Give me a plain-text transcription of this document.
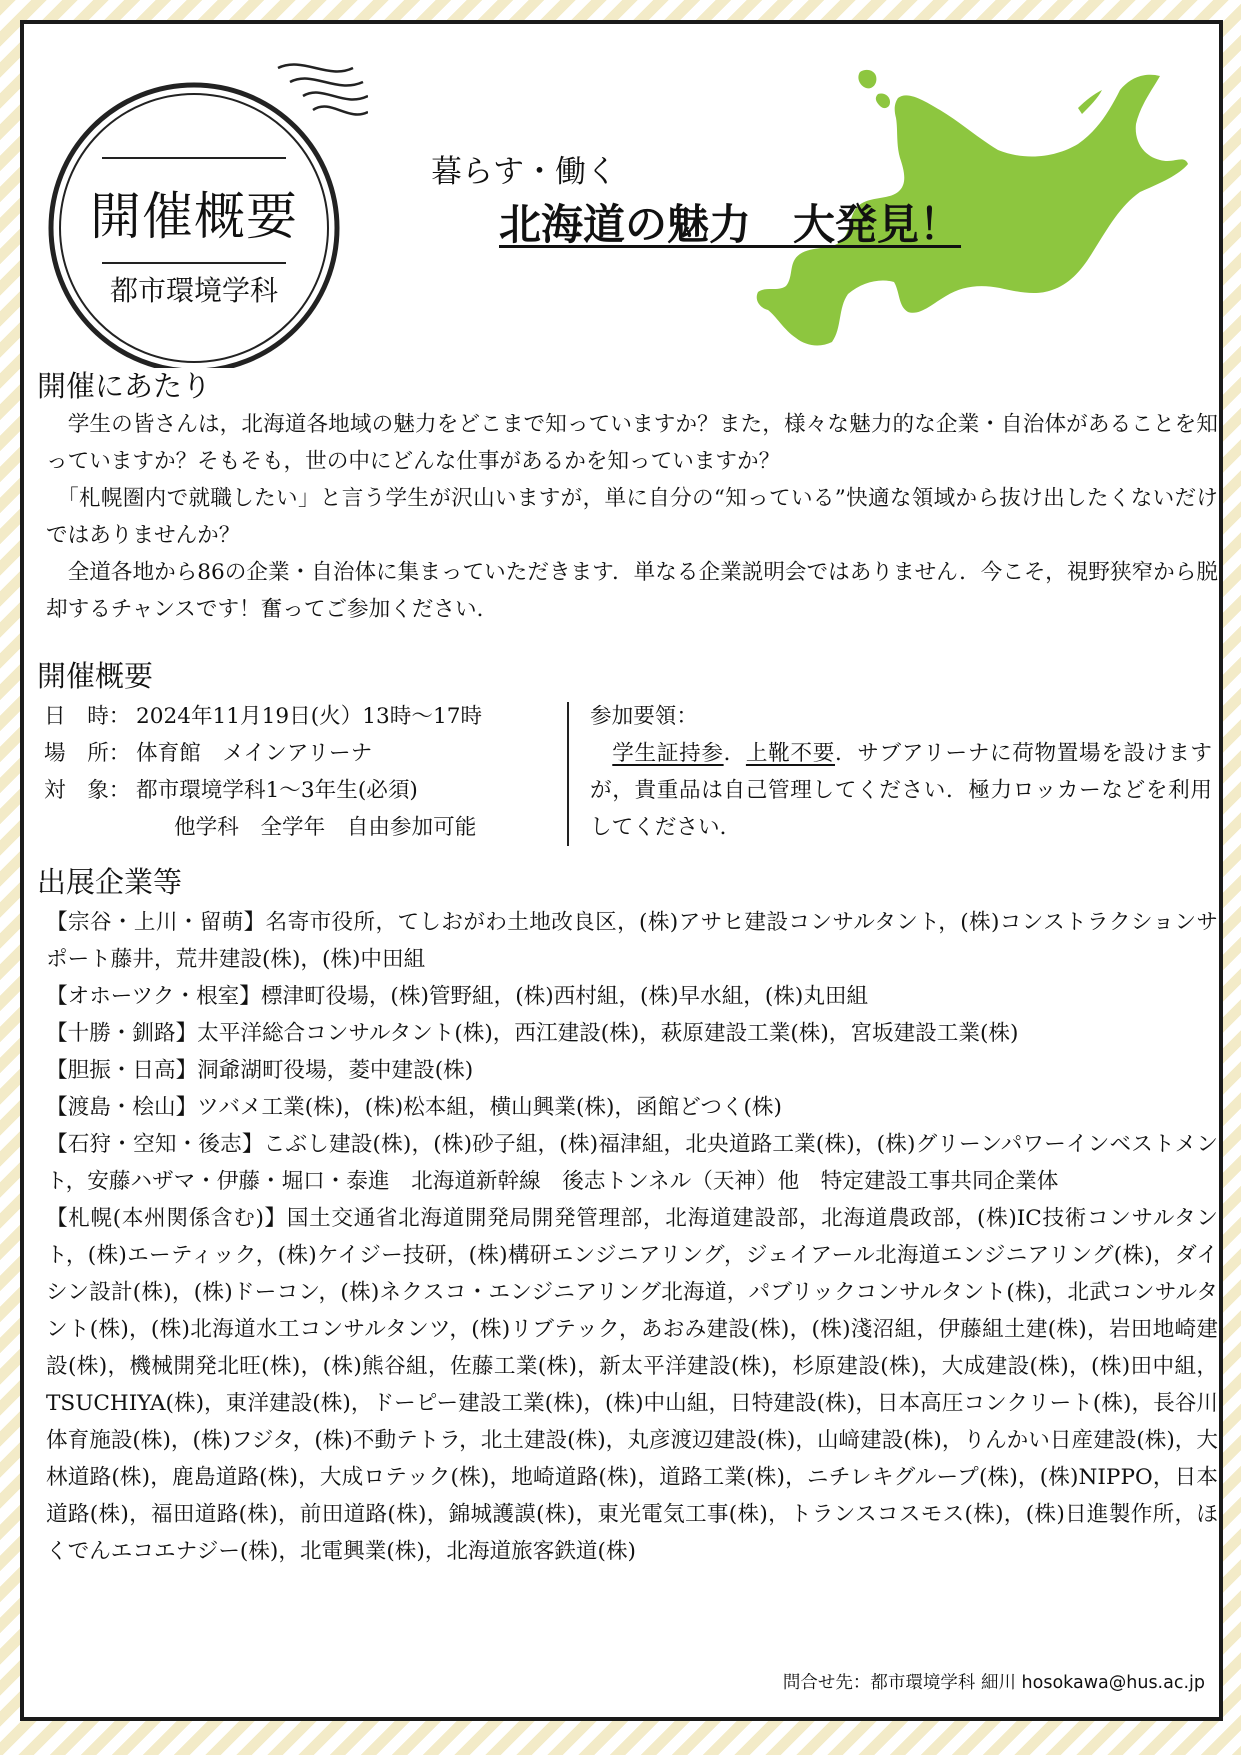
開催概要
都市環境学科
暮らす・働く
北海道の魅力　大発見！
開催にあたり

　学生の皆さんは，北海道各地域の魅力をどこまで知っていますか？また，様々な魅力的な企業・自治体があることを知っていますか？そもそも，世の中にどんな仕事があるかを知っていますか？

　「札幌圏内で就職したい」と言う学生が沢山いますが，単に自分の“知っている”快適な領域から抜け出したくないだけではありませんか？

　全道各地から86の企業・自治体に集まっていただきます．単なる企業説明会ではありません．今こそ，視野狭窄から脱却するチャンスです！奮ってご参加ください．

開催概要
日　時： 2024年11月19日(火）13時～17時
場　所： 体育館　メインアリーナ
対　象： 都市環境学科1～3年生(必須)
他学科　全学年　自由参加可能

参加要領：

　学生証持参．上靴不要．サブアリーナに荷物置場を設けますが，貴重品は自己管理してください．極力ロッカーなどを利用してください．

出展企業等

【宗谷・上川・留萌】名寄市役所，てしおがわ土地改良区，(株)アサヒ建設コンサルタント，(株)コンストラクションサポート藤井，荒井建設(株)，(株)中田組

【オホーツク・根室】標津町役場，(株)管野組，(株)西村組，(株)早水組，(株)丸田組

【十勝・釧路】太平洋総合コンサルタント(株)，西江建設(株)，萩原建設工業(株)，宮坂建設工業(株)

【胆振・日高】洞爺湖町役場，菱中建設(株)

【渡島・桧山】ツバメ工業(株)，(株)松本組，横山興業(株)，函館どつく(株)

【石狩・空知・後志】こぶし建設(株)，(株)砂子組，(株)福津組，北央道路工業(株)，(株)グリーンパワーインベストメント，安藤ハザマ・伊藤・堀口・泰進　北海道新幹線　後志トンネル（天神）他　特定建設工事共同企業体

【札幌(本州関係含む)】国土交通省北海道開発局開発管理部，北海道建設部，北海道農政部，(株)IC技術コンサルタント，(株)エーティック，(株)ケイジー技研，(株)構研エンジニアリング，ジェイアール北海道エンジニアリング(株)，ダイシン設計(株)，(株)ドーコン，(株)ネクスコ・エンジニアリング北海道，パブリックコンサルタント(株)，北武コンサルタント(株)，(株)北海道水工コンサルタンツ，(株)リブテック，あおみ建設(株)，(株)淺沼組，伊藤組土建(株)，岩田地崎建設(株)，機械開発北旺(株)，(株)熊谷組，佐藤工業(株)，新太平洋建設(株)，杉原建設(株)，大成建設(株)，(株)田中組，TSUCHIYA(株)，東洋建設(株)，ドーピー建設工業(株)，(株)中山組，日特建設(株)，日本高圧コンクリート(株)，長谷川体育施設(株)，(株)フジタ，(株)不動テトラ，北土建設(株)，丸彦渡辺建設(株)，山﨑建設(株)，りんかい日産建設(株)，大林道路(株)，鹿島道路(株)，大成ロテック(株)，地崎道路(株)，道路工業(株)，ニチレキグループ(株)，(株)NIPPO，日本道路(株)，福田道路(株)，前田道路(株)，錦城護謨(株)，東光電気工事(株)，トランスコスモス(株)，(株)日進製作所，ほくでんエコエナジー(株)，北電興業(株)，北海道旅客鉄道(株)

問合せ先：都市環境学科 細川 hosokawa@hus.ac.jp
